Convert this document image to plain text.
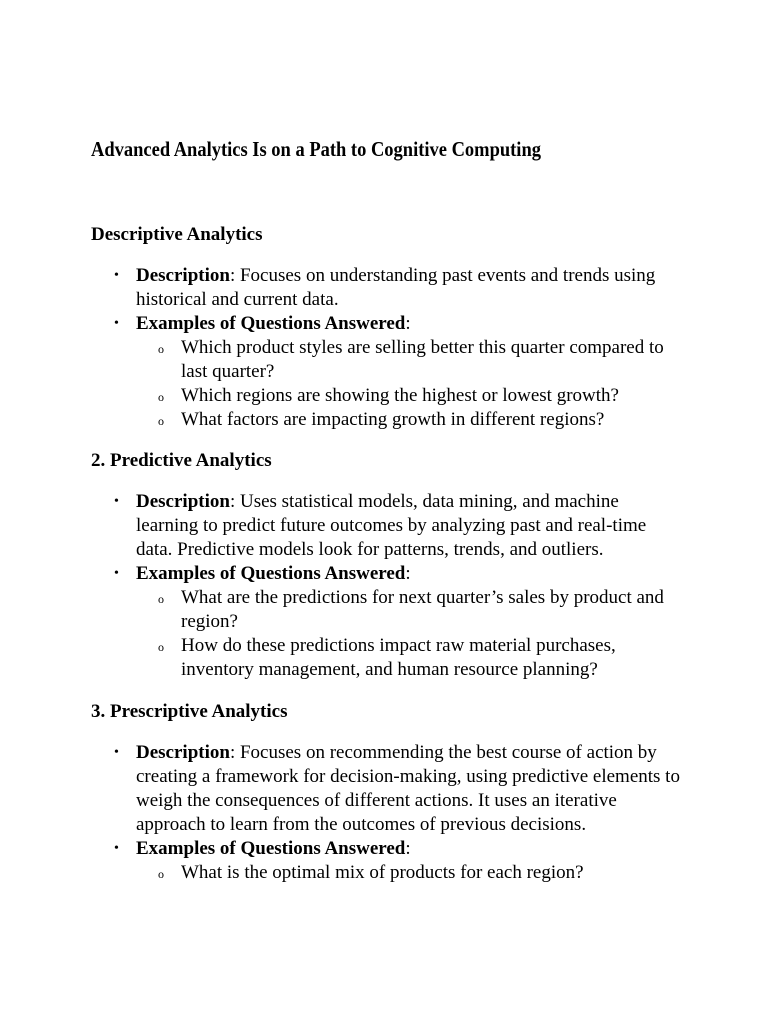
Advanced Analytics Is on a Path to Cognitive Computing
Descriptive Analytics
• Description: Focuses on understanding past events and trends using historical and current data.
• Examples of Questions Answered:
o Which product styles are selling better this quarter compared to last quarter?
o Which regions are showing the highest or lowest growth?
o What factors are impacting growth in different regions?
2. Predictive Analytics
• Description: Uses statistical models, data mining, and machine learning to predict future outcomes by analyzing past and real-time data. Predictive models look for patterns, trends, and outliers.
• Examples of Questions Answered:
o What are the predictions for next quarter’s sales by product and region?
o How do these predictions impact raw material purchases, inventory management, and human resource planning?
3. Prescriptive Analytics
• Description: Focuses on recommending the best course of action by creating a framework for decision-making, using predictive elements to weigh the consequences of different actions. It uses an iterative approach to learn from the outcomes of previous decisions.
• Examples of Questions Answered:
o What is the optimal mix of products for each region?
